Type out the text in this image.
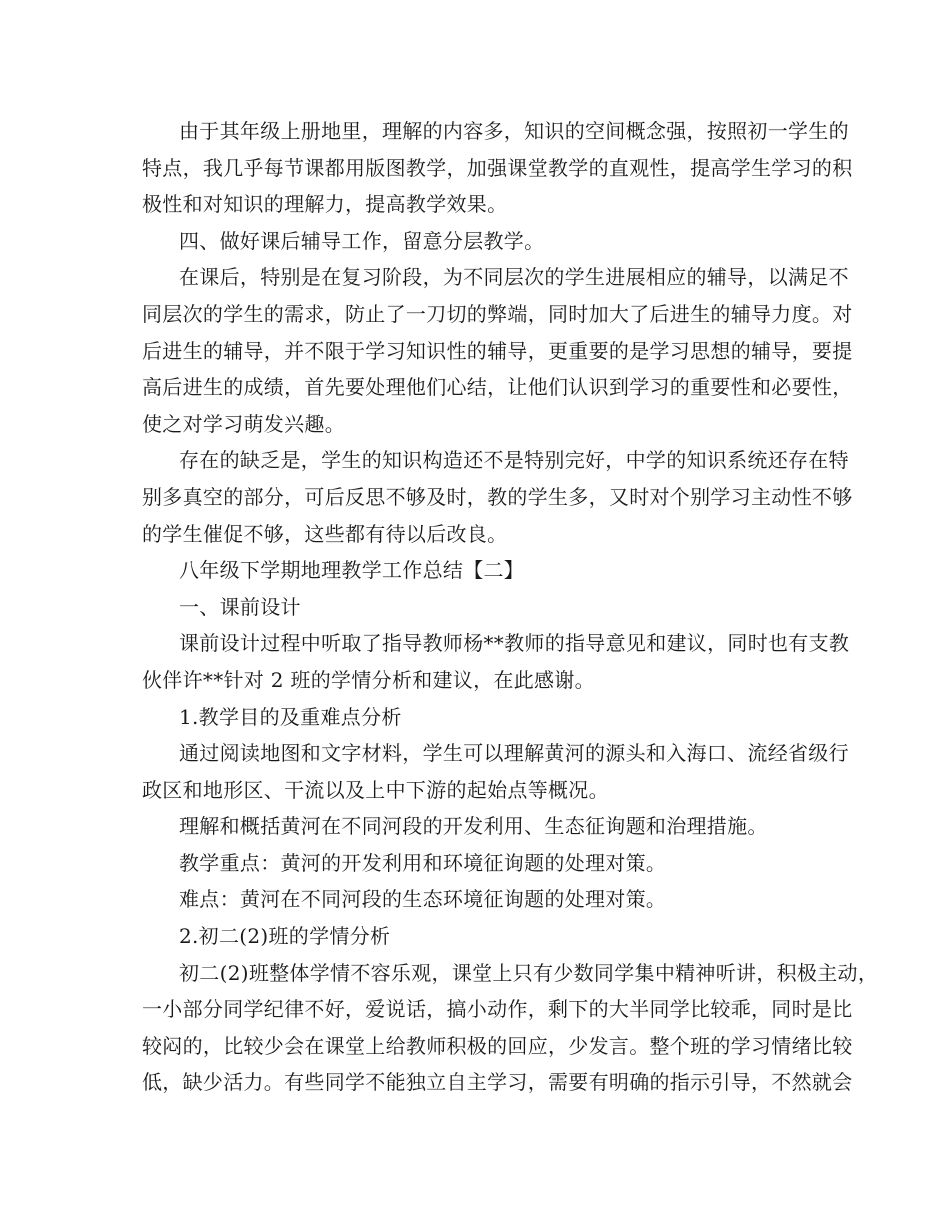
由于其年级上册地里，理解的内容多，知识的空间概念强，按照初一学生的
特点，我几乎每节课都用版图教学，加强课堂教学的直观性，提高学生学习的积
极性和对知识的理解力，提高教学效果。

四、做好课后辅导工作，留意分层教学。

在课后，特别是在复习阶段，为不同层次的学生进展相应的辅导，以满足不
同层次的学生的需求，防止了一刀切的弊端，同时加大了后进生的辅导力度。对
后进生的辅导，并不限于学习知识性的辅导，更重要的是学习思想的辅导，要提
高后进生的成绩，首先要处理他们心结，让他们认识到学习的重要性和必要性，
使之对学习萌发兴趣。

存在的缺乏是，学生的知识构造还不是特别完好，中学的知识系统还存在特
别多真空的部分，可后反思不够及时，教的学生多，又时对个别学习主动性不够
的学生催促不够，这些都有待以后改良。

八年级下学期地理教学工作总结【二】

一、课前设计

课前设计过程中听取了指导教师杨**教师的指导意见和建议，同时也有支教
伙伴许**针对 2 班的学情分析和建议，在此感谢。

1.教学目的及重难点分析

通过阅读地图和文字材料，学生可以理解黄河的源头和入海口、流经省级行
政区和地形区、干流以及上中下游的起始点等概况。

理解和概括黄河在不同河段的开发利用、生态征询题和治理措施。

教学重点：黄河的开发利用和环境征询题的处理对策。

难点：黄河在不同河段的生态环境征询题的处理对策。

2.初二(2)班的学情分析

初二(2)班整体学情不容乐观，课堂上只有少数同学集中精神听讲，积极主动，
一小部分同学纪律不好，爱说话，搞小动作，剩下的大半同学比较乖，同时是比
较闷的，比较少会在课堂上给教师积极的回应，少发言。整个班的学习情绪比较
低，缺少活力。有些同学不能独立自主学习，需要有明确的指示引导，不然就会
